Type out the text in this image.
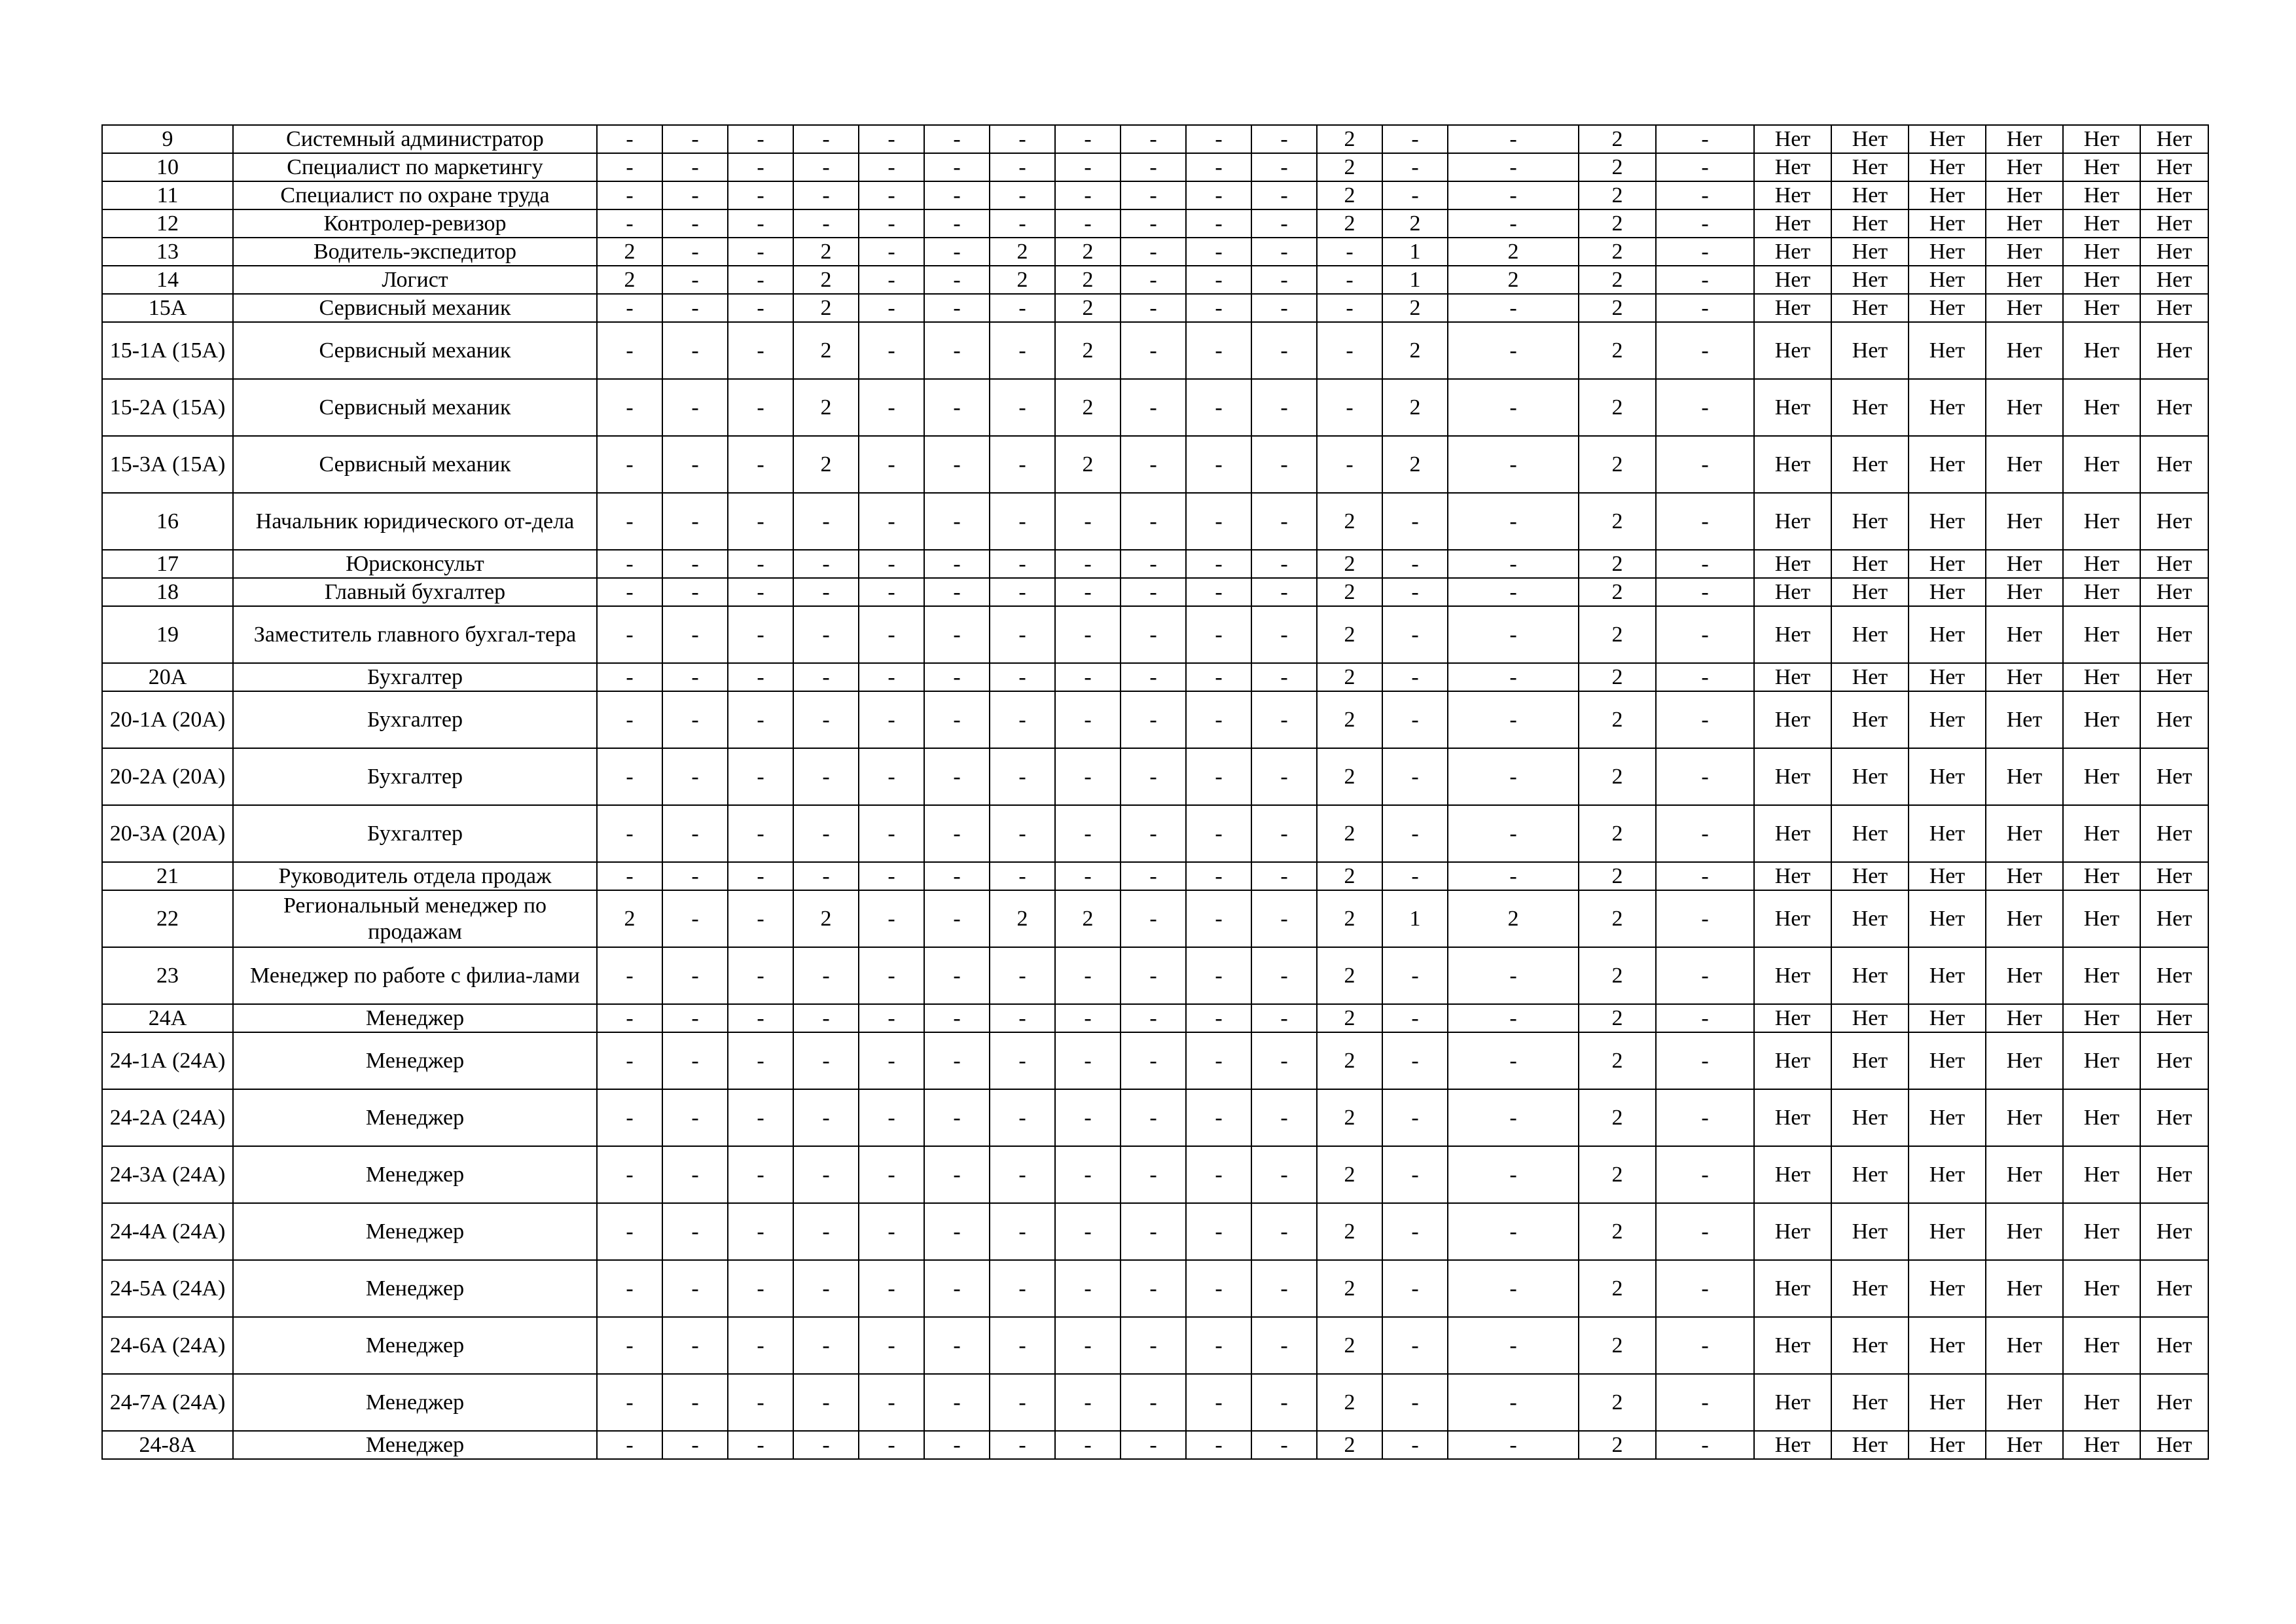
9	Системный администратор	-	-	-	-	-	-	-	-	-	-	-	2	-	-	2	-	Нет	Нет	Нет	Нет	Нет	Нет
10	Специалист по маркетингу	-	-	-	-	-	-	-	-	-	-	-	2	-	-	2	-	Нет	Нет	Нет	Нет	Нет	Нет
11	Специалист по охране труда	-	-	-	-	-	-	-	-	-	-	-	2	-	-	2	-	Нет	Нет	Нет	Нет	Нет	Нет
12	Контролер-ревизор	-	-	-	-	-	-	-	-	-	-	-	2	2	-	2	-	Нет	Нет	Нет	Нет	Нет	Нет
13	Водитель-экспедитор	2	-	-	2	-	-	2	2	-	-	-	-	1	2	2	-	Нет	Нет	Нет	Нет	Нет	Нет
14	Логист	2	-	-	2	-	-	2	2	-	-	-	-	1	2	2	-	Нет	Нет	Нет	Нет	Нет	Нет
15А	Сервисный механик	-	-	-	2	-	-	-	2	-	-	-	-	2	-	2	-	Нет	Нет	Нет	Нет	Нет	Нет
15-1А (15А)	Сервисный механик	-	-	-	2	-	-	-	2	-	-	-	-	2	-	2	-	Нет	Нет	Нет	Нет	Нет	Нет
15-2А (15А)	Сервисный механик	-	-	-	2	-	-	-	2	-	-	-	-	2	-	2	-	Нет	Нет	Нет	Нет	Нет	Нет
15-3А (15А)	Сервисный механик	-	-	-	2	-	-	-	2	-	-	-	-	2	-	2	-	Нет	Нет	Нет	Нет	Нет	Нет
16	Начальник юридического от-дела	-	-	-	-	-	-	-	-	-	-	-	2	-	-	2	-	Нет	Нет	Нет	Нет	Нет	Нет
17	Юрисконсульт	-	-	-	-	-	-	-	-	-	-	-	2	-	-	2	-	Нет	Нет	Нет	Нет	Нет	Нет
18	Главный бухгалтер	-	-	-	-	-	-	-	-	-	-	-	2	-	-	2	-	Нет	Нет	Нет	Нет	Нет	Нет
19	Заместитель главного бухгал-тера	-	-	-	-	-	-	-	-	-	-	-	2	-	-	2	-	Нет	Нет	Нет	Нет	Нет	Нет
20А	Бухгалтер	-	-	-	-	-	-	-	-	-	-	-	2	-	-	2	-	Нет	Нет	Нет	Нет	Нет	Нет
20-1А (20А)	Бухгалтер	-	-	-	-	-	-	-	-	-	-	-	2	-	-	2	-	Нет	Нет	Нет	Нет	Нет	Нет
20-2А (20А)	Бухгалтер	-	-	-	-	-	-	-	-	-	-	-	2	-	-	2	-	Нет	Нет	Нет	Нет	Нет	Нет
20-3А (20А)	Бухгалтер	-	-	-	-	-	-	-	-	-	-	-	2	-	-	2	-	Нет	Нет	Нет	Нет	Нет	Нет
21	Руководитель отдела продаж	-	-	-	-	-	-	-	-	-	-	-	2	-	-	2	-	Нет	Нет	Нет	Нет	Нет	Нет
22	Региональный менеджер по продажам	2	-	-	2	-	-	2	2	-	-	-	2	1	2	2	-	Нет	Нет	Нет	Нет	Нет	Нет
23	Менеджер по работе с филиа-лами	-	-	-	-	-	-	-	-	-	-	-	2	-	-	2	-	Нет	Нет	Нет	Нет	Нет	Нет
24А	Менеджер	-	-	-	-	-	-	-	-	-	-	-	2	-	-	2	-	Нет	Нет	Нет	Нет	Нет	Нет
24-1А (24А)	Менеджер	-	-	-	-	-	-	-	-	-	-	-	2	-	-	2	-	Нет	Нет	Нет	Нет	Нет	Нет
24-2А (24А)	Менеджер	-	-	-	-	-	-	-	-	-	-	-	2	-	-	2	-	Нет	Нет	Нет	Нет	Нет	Нет
24-3А (24А)	Менеджер	-	-	-	-	-	-	-	-	-	-	-	2	-	-	2	-	Нет	Нет	Нет	Нет	Нет	Нет
24-4А (24А)	Менеджер	-	-	-	-	-	-	-	-	-	-	-	2	-	-	2	-	Нет	Нет	Нет	Нет	Нет	Нет
24-5А (24А)	Менеджер	-	-	-	-	-	-	-	-	-	-	-	2	-	-	2	-	Нет	Нет	Нет	Нет	Нет	Нет
24-6А (24А)	Менеджер	-	-	-	-	-	-	-	-	-	-	-	2	-	-	2	-	Нет	Нет	Нет	Нет	Нет	Нет
24-7А (24А)	Менеджер	-	-	-	-	-	-	-	-	-	-	-	2	-	-	2	-	Нет	Нет	Нет	Нет	Нет	Нет
24-8А	Менеджер	-	-	-	-	-	-	-	-	-	-	-	2	-	-	2	-	Нет	Нет	Нет	Нет	Нет	Нет
